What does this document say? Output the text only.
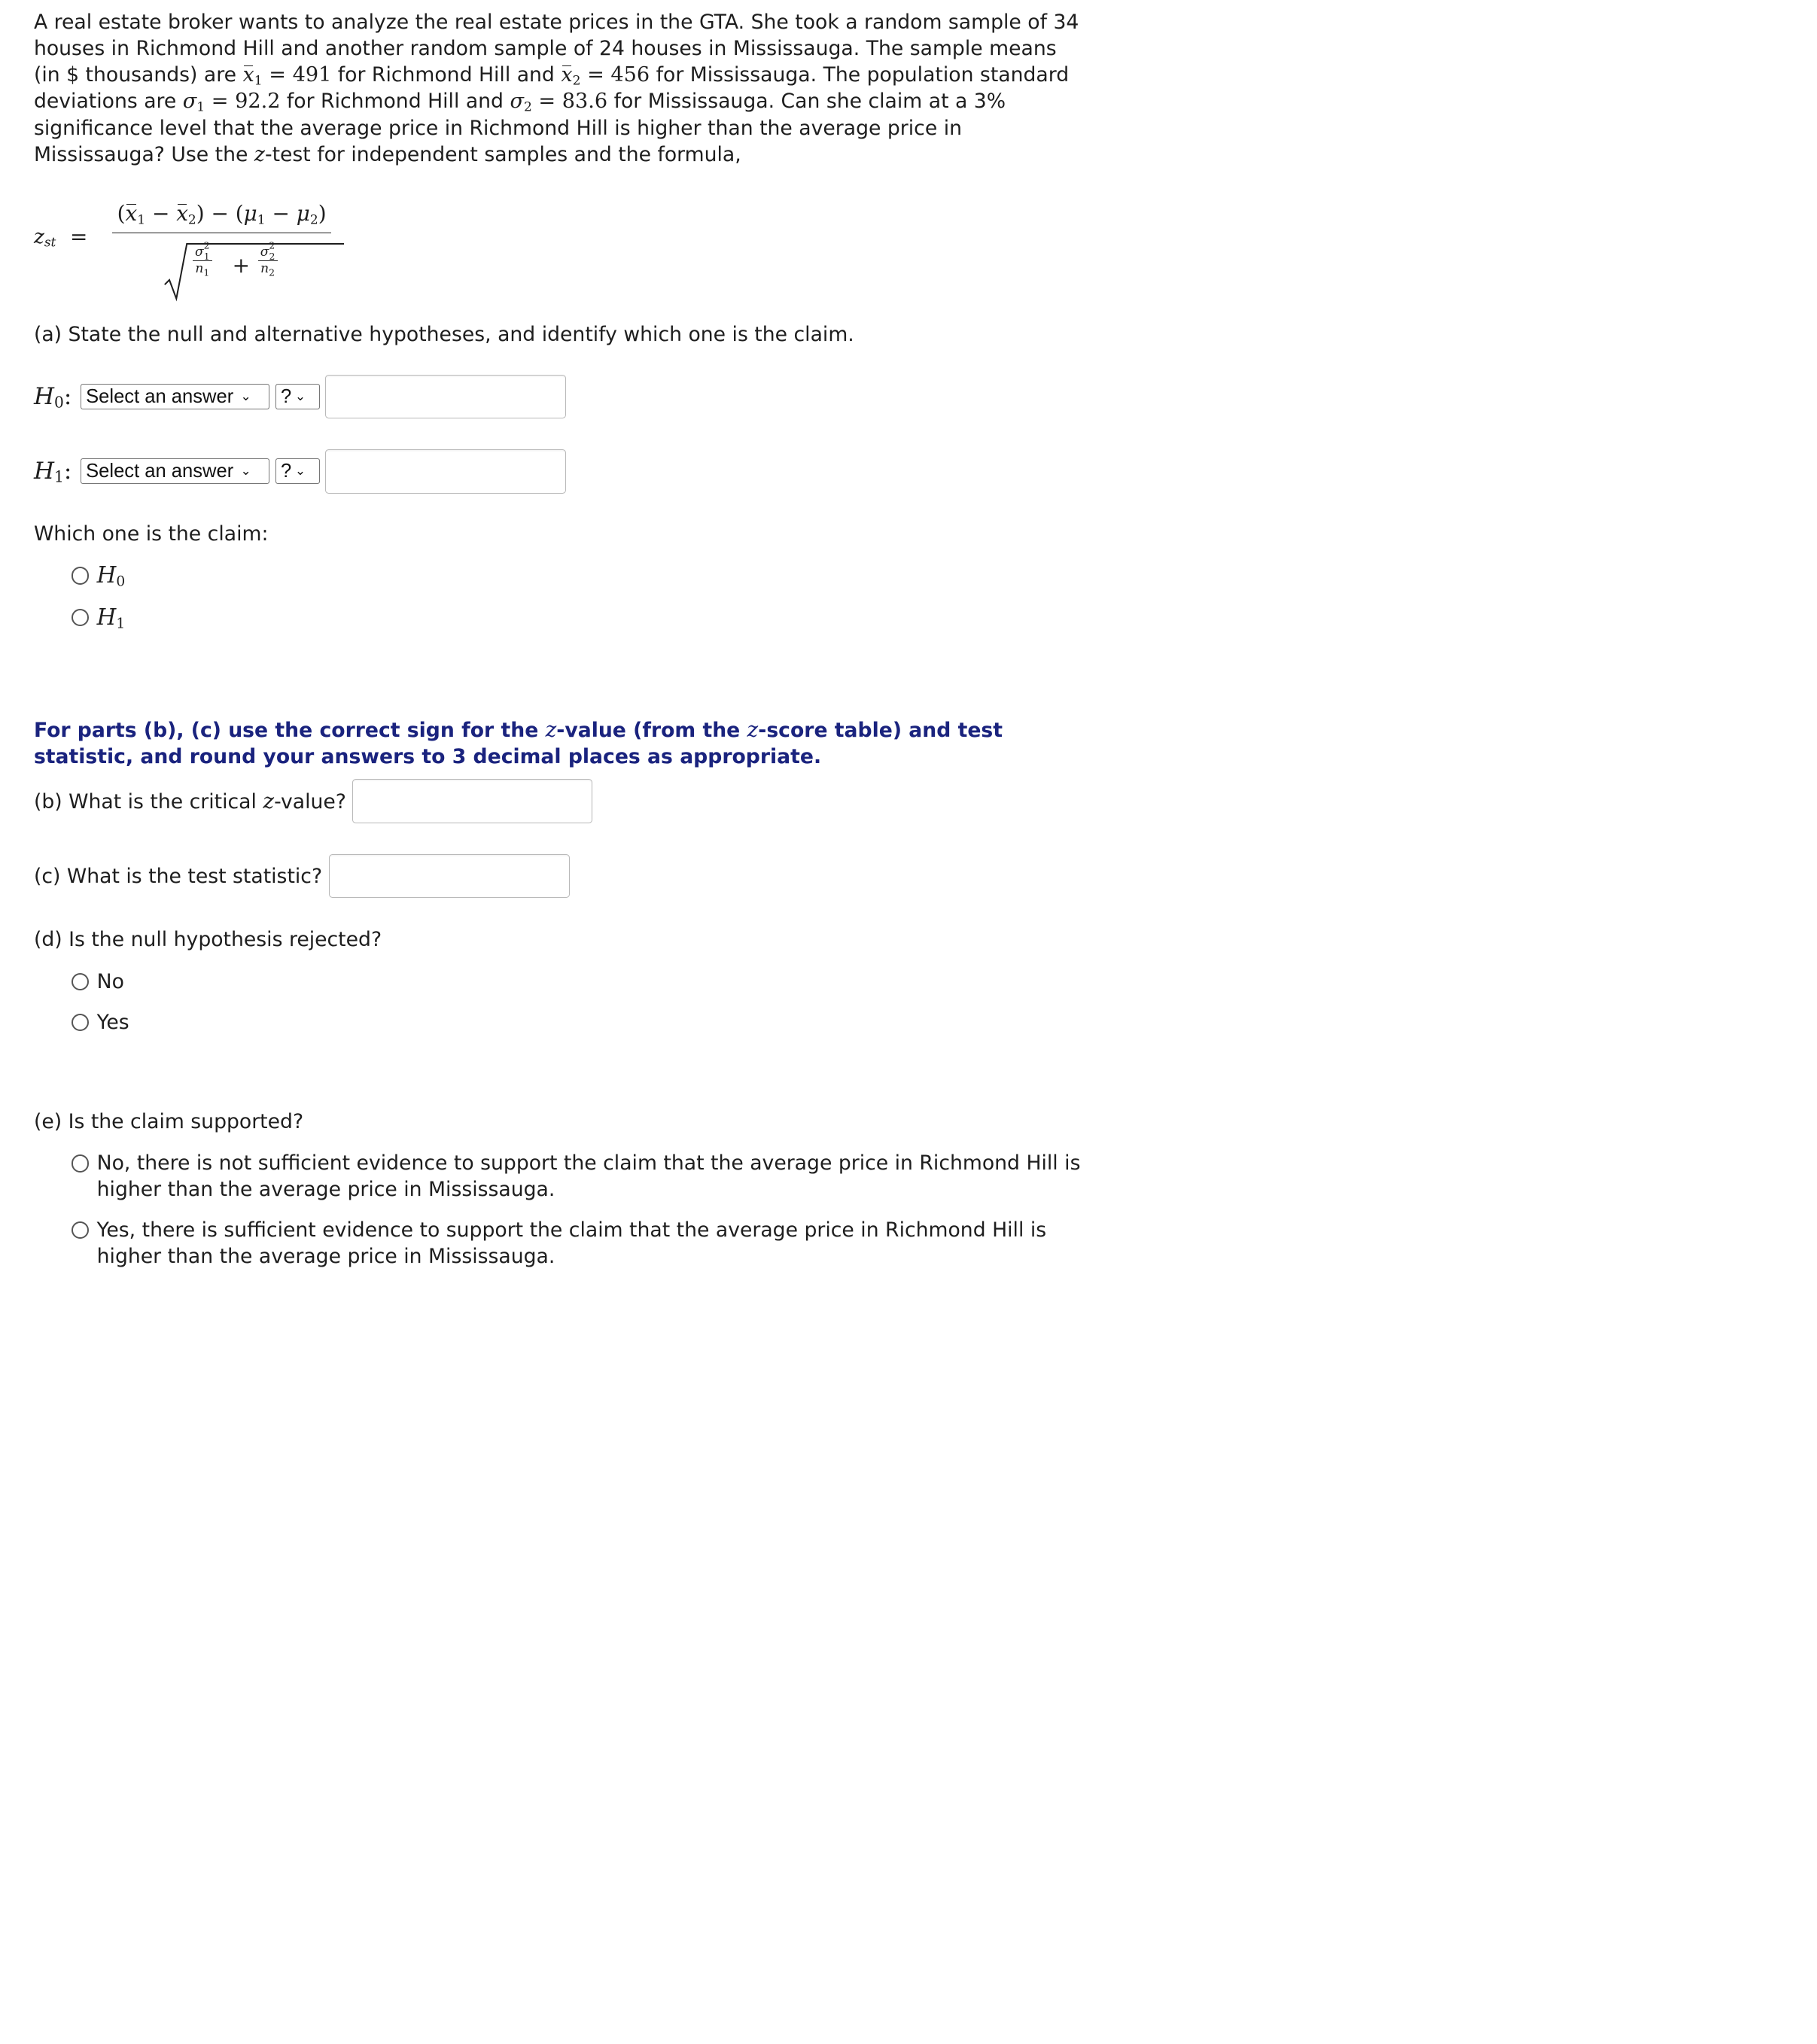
A real estate broker wants to analyze the real estate prices in the GTA. She took a random sample of 34 houses in Richmond Hill and another random sample of 24 houses in Mississauga. The sample means (in $ thousands) are $x_1 = 491$ for Richmond Hill and $x_2 = 456$ for Mississauga. The population standard deviations are $\sigma_1 = 92.2$ for Richmond Hill and $\sigma_2 = 83.6$ for Mississauga. Can she claim at a 3% significance level that the average price in Richmond Hill is higher than the average price in Mississauga? Use the z-test for independent samples and the formula,
$z_{st}$ =
$(x_1 - x_2) - (\mu_1 - \mu_2)$
$\sigma^2_1$
$n_1$ +
$\sigma^2_2$
$n_2$
(a) State the null and alternative hypotheses, and identify which one is the claim.
$H_0$:	Select an answer ⌄ ? ⌄
$H_1$:	Select an answer ⌄ ? ⌄
Which one is the claim:
$H_0$
$H_1$
For parts (b), (c) use the correct sign for the z-value (from the z-score table) and test statistic, and round your answers to 3 decimal places as appropriate.
(b) What is the critical z-value?
(c) What is the test statistic?
(d) Is the null hypothesis rejected?
No
Yes
(e) Is the claim supported?
No, there is not sufficient evidence to support the claim that the average price in Richmond Hill is higher than the average price in Mississauga.
Yes, there is sufficient evidence to support the claim that the average price in Richmond Hill is higher than the average price in Mississauga.
